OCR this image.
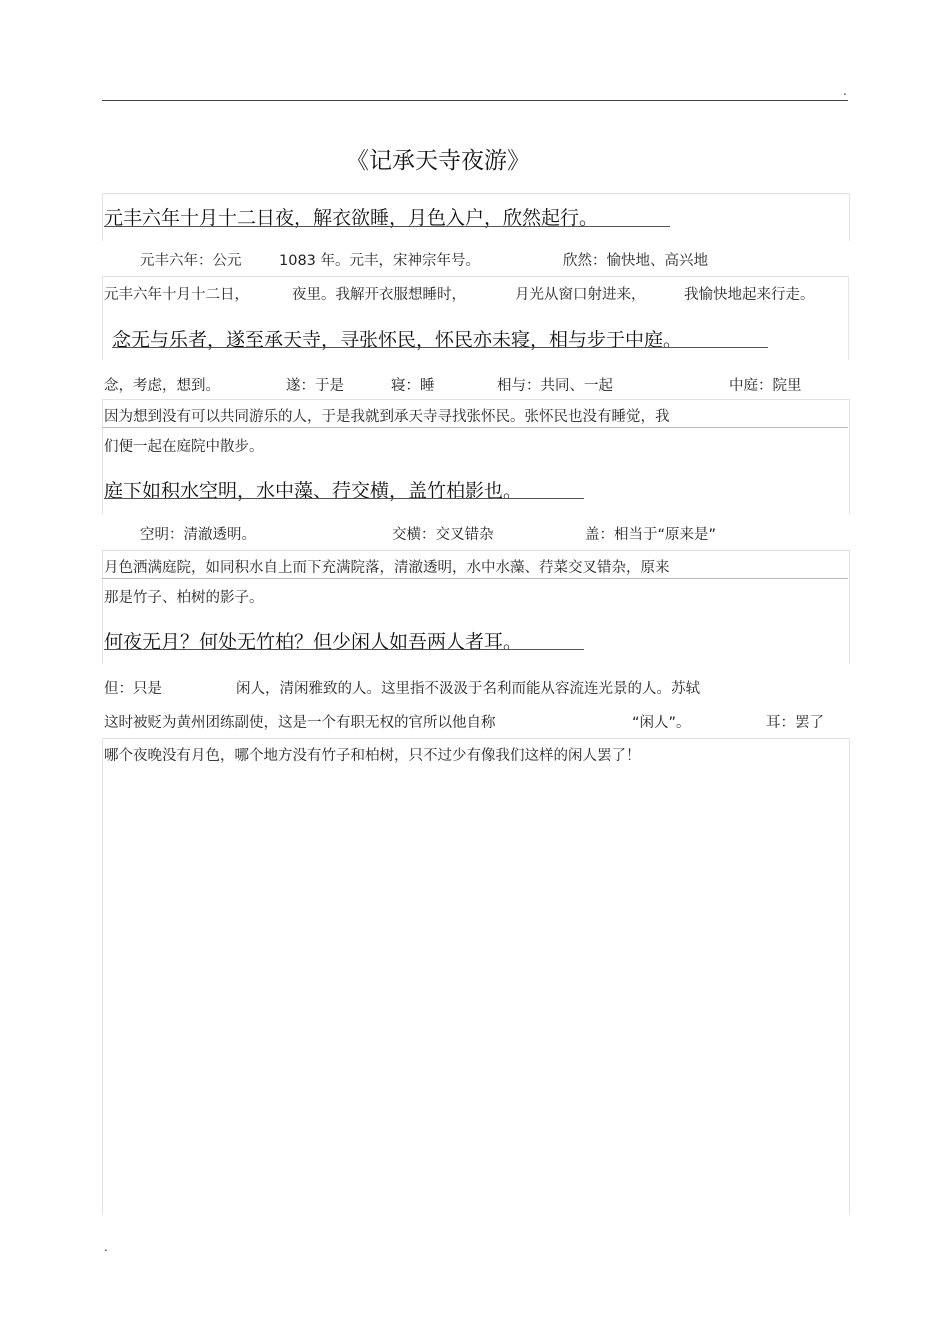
.
《记承天寺夜游》
元丰六年十月十二日夜，解衣欲睡，月色入户，欣然起行。
元丰六年：公元	1083 年。元丰，宋神宗年号。	欣然：愉快地、高兴地
元丰六年十月十二日，	夜里。我解开衣服想睡时，	月光从窗口射进来，	我愉快地起来行走。
念无与乐者，遂至承天寺，寻张怀民，怀民亦未寝，相与步于中庭。
念，考虑，想到。	遂：于是	寝：睡	相与：共同、一起	中庭：院里
因为想到没有可以共同游乐的人，于是我就到承天寺寻找张怀民。张怀民也没有睡觉，我
们便一起在庭院中散步。
庭下如积水空明，水中藻、荇交横，盖竹柏影也。
空明：清澈透明。	交横：交叉错杂	盖：相当于“原来是”
月色洒满庭院，如同积水自上而下充满院落，清澈透明，水中水藻、荇菜交叉错杂，原来
那是竹子、柏树的影子。
何夜无月？何处无竹柏？但少闲人如吾两人者耳。
但：只是	闲人，清闲雅致的人。这里指不汲汲于名利而能从容流连光景的人。苏轼
这时被贬为黄州团练副使，这是一个有职无权的官所以他自称	“闲人”。	耳：罢了
哪个夜晚没有月色，哪个地方没有竹子和柏树，只不过少有像我们这样的闲人罢了！
.
